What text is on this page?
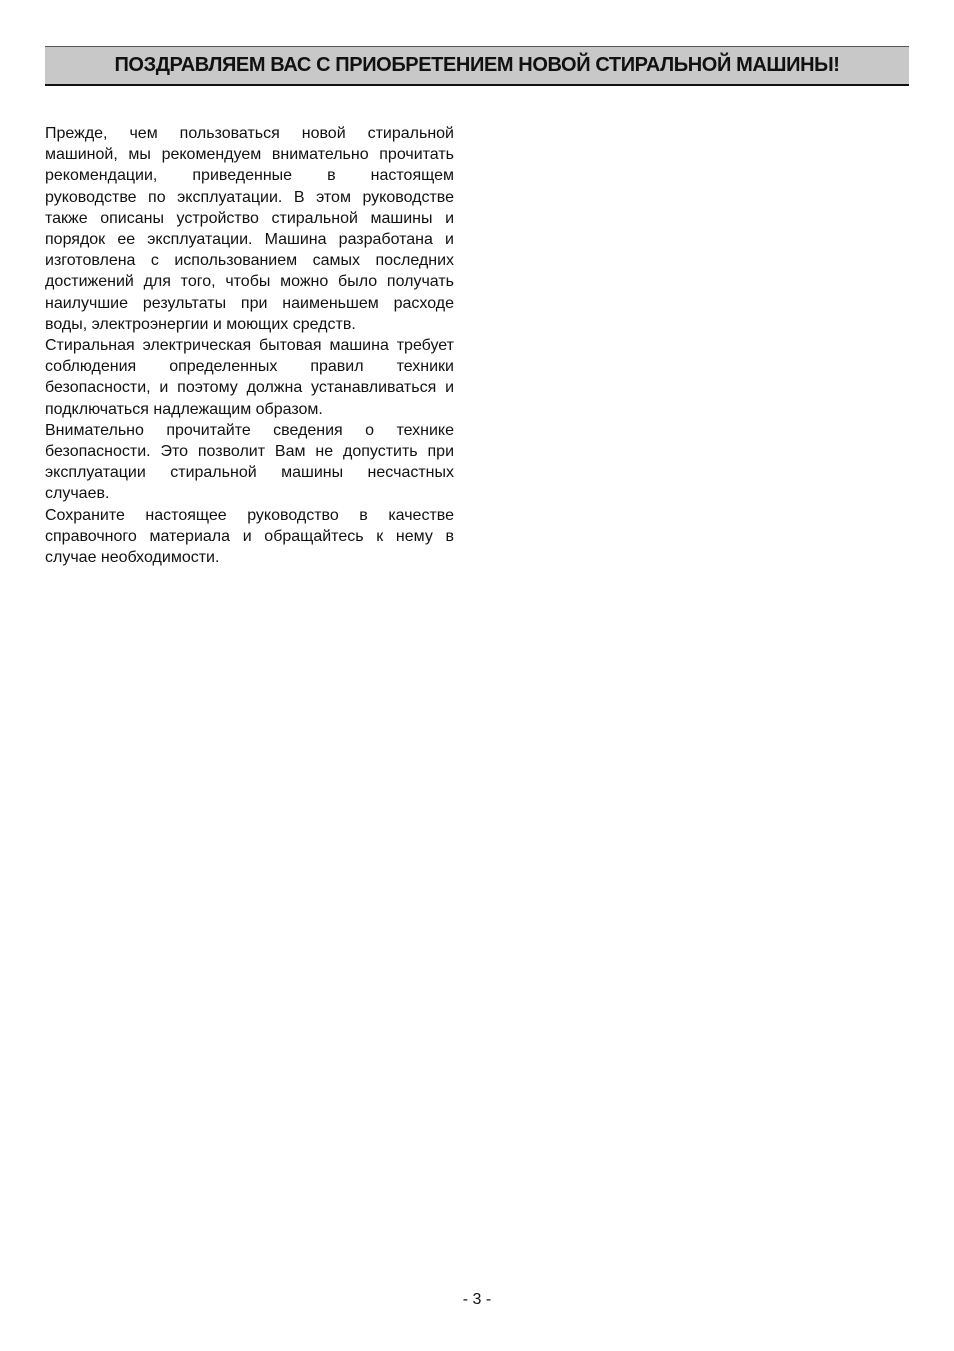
ПОЗДРАВЛЯЕМ ВАС С ПРИОБРЕТЕНИЕМ НОВОЙ СТИРАЛЬНОЙ МАШИНЫ!

Прежде, чем пользоваться новой стиральной машиной, мы рекомендуем внимательно прочитать рекомендации, приведенные в настоящем руководстве по эксплуатации. В этом руководстве также описаны устройство стиральной машины и порядок ее эксплуатации. Машина разработана и изготовлена с использованием самых последних достижений для того, чтобы можно было получать наилучшие результаты при наименьшем расходе воды, электроэнергии и моющих средств.

Стиральная электрическая бытовая машина требует соблюдения определенных правил техники безопасности, и поэтому должна устанавливаться и подключаться надлежащим образом.

Внимательно прочитайте сведения о технике безопасности. Это позволит Вам не допустить при эксплуатации стиральной машины несчастных случаев.

Сохраните настоящее руководство в качестве справочного материала и обращайтесь к нему в случае необходимости.

- 3 -
